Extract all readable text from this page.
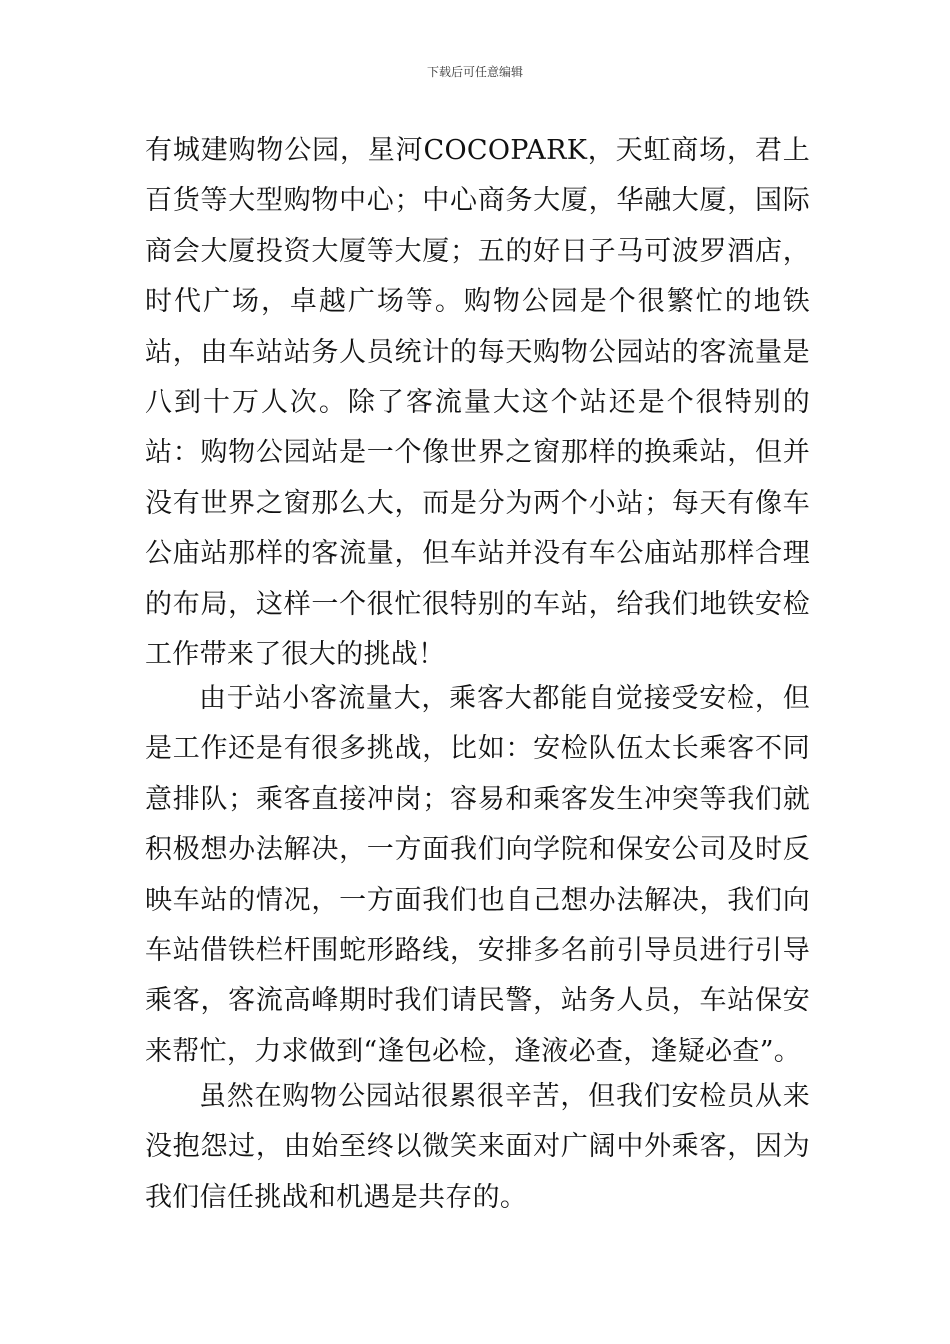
下载后可任意编辑

有城建购物公园，星河COCOPARK，天虹商场，君上百货等大型购物中心；中心商务大厦，华融大厦，国际商会大厦投资大厦等大厦；五的好日子马可波罗酒店，时代广场，卓越广场等。购物公园是个很繁忙的地铁站，由车站站务人员统计的每天购物公园站的客流量是八到十万人次。除了客流量大这个站还是个很特别的站：购物公园站是一个像世界之窗那样的换乘站，但并没有世界之窗那么大，而是分为两个小站；每天有像车公庙站那样的客流量，但车站并没有车公庙站那样合理的布局，这样一个很忙很特别的车站，给我们地铁安检工作带来了很大的挑战！

由于站小客流量大，乘客大都能自觉接受安检，但是工作还是有很多挑战，比如：安检队伍太长乘客不同意排队；乘客直接冲岗；容易和乘客发生冲突等我们就积极想办法解决，一方面我们向学院和保安公司及时反映车站的情况，一方面我们也自己想办法解决，我们向车站借铁栏杆围蛇形路线，安排多名前引导员进行引导乘客，客流高峰期时我们请民警，站务人员，车站保安来帮忙，力求做到“逢包必检，逢液必查，逢疑必查”。

虽然在购物公园站很累很辛苦，但我们安检员从来没抱怨过，由始至终以微笑来面对广阔中外乘客，因为我们信任挑战和机遇是共存的。
